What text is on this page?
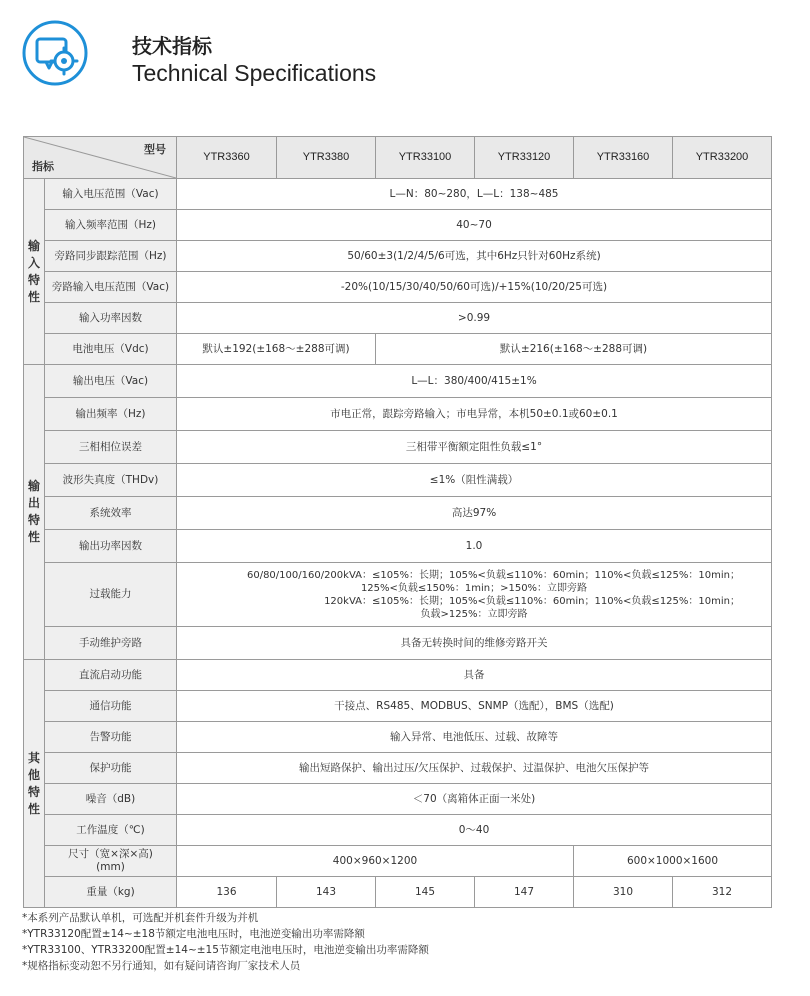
技术指标
Technical Specifications
型号
指标		YTR3360	YTR3380	YTR33100	YTR33120	YTR33160	YTR33200
输入特性	输入电压范围（Vac)	L—N：80~280，L—L：138~485					
	输入频率范围（Hz)	40~70					
	旁路同步跟踪范围（Hz)	50/60±3(1/2/4/5/6可选，其中6Hz只针对60Hz系统)					
	旁路输入电压范围（Vac)	-20%(10/15/30/40/50/60可选)/+15%(10/20/25可选)					
	输入功率因数	>0.99					
	电池电压（Vdc)	默认±192(±168～±288可调)		默认±216(±168～±288可调)			
输出特性	输出电压（Vac)	L—L：380/400/415±1%					
	输出频率（Hz)	市电正常，跟踪旁路输入；市电异常，本机50±0.1或60±0.1					
	三相相位误差	三相带平衡额定阻性负载≤1°					
	波形失真度（THDv)	≤1%（阻性满载）					
	系统效率	高达97%					
	输出功率因数	1.0					
	过载能力	60/80/100/160/200kVA：≤105%：长期；105%<负载≤110%：60min；110%<负载≤125%：10min；
125%<负载≤150%：1min；>150%：立即旁路
120kVA：≤105%：长期；105%<负载≤110%：60min；110%<负载≤125%：10min；
负载>125%：立即旁路					

	手动维护旁路	具备无转换时间的维修旁路开关					
其他特性	直流启动功能	具备					
	通信功能	干接点、RS485、MODBUS、SNMP（选配），BMS（选配)					
	告警功能	输入异常、电池低压、过载、故障等					
	保护功能	输出短路保护、输出过压/欠压保护、过载保护、过温保护、电池欠压保护等					
	噪音（dB)	＜70（离箱体正面一米处)					
	工作温度（℃)	0～40					

	尺寸（宽×深×高)
(mm)	400×960×1200				600×1000×1600	
	重量（kg)	136	143	145	147	310	312
*本系列产品默认单机，可选配并机套件升级为并机
*YTR33120配置±14~±18节额定电池电压时，电池逆变输出功率需降额
*YTR33100、YTR33200配置±14~±15节额定电池电压时，电池逆变输出功率需降额
*规格指标变动恕不另行通知，如有疑问请咨询厂家技术人员
